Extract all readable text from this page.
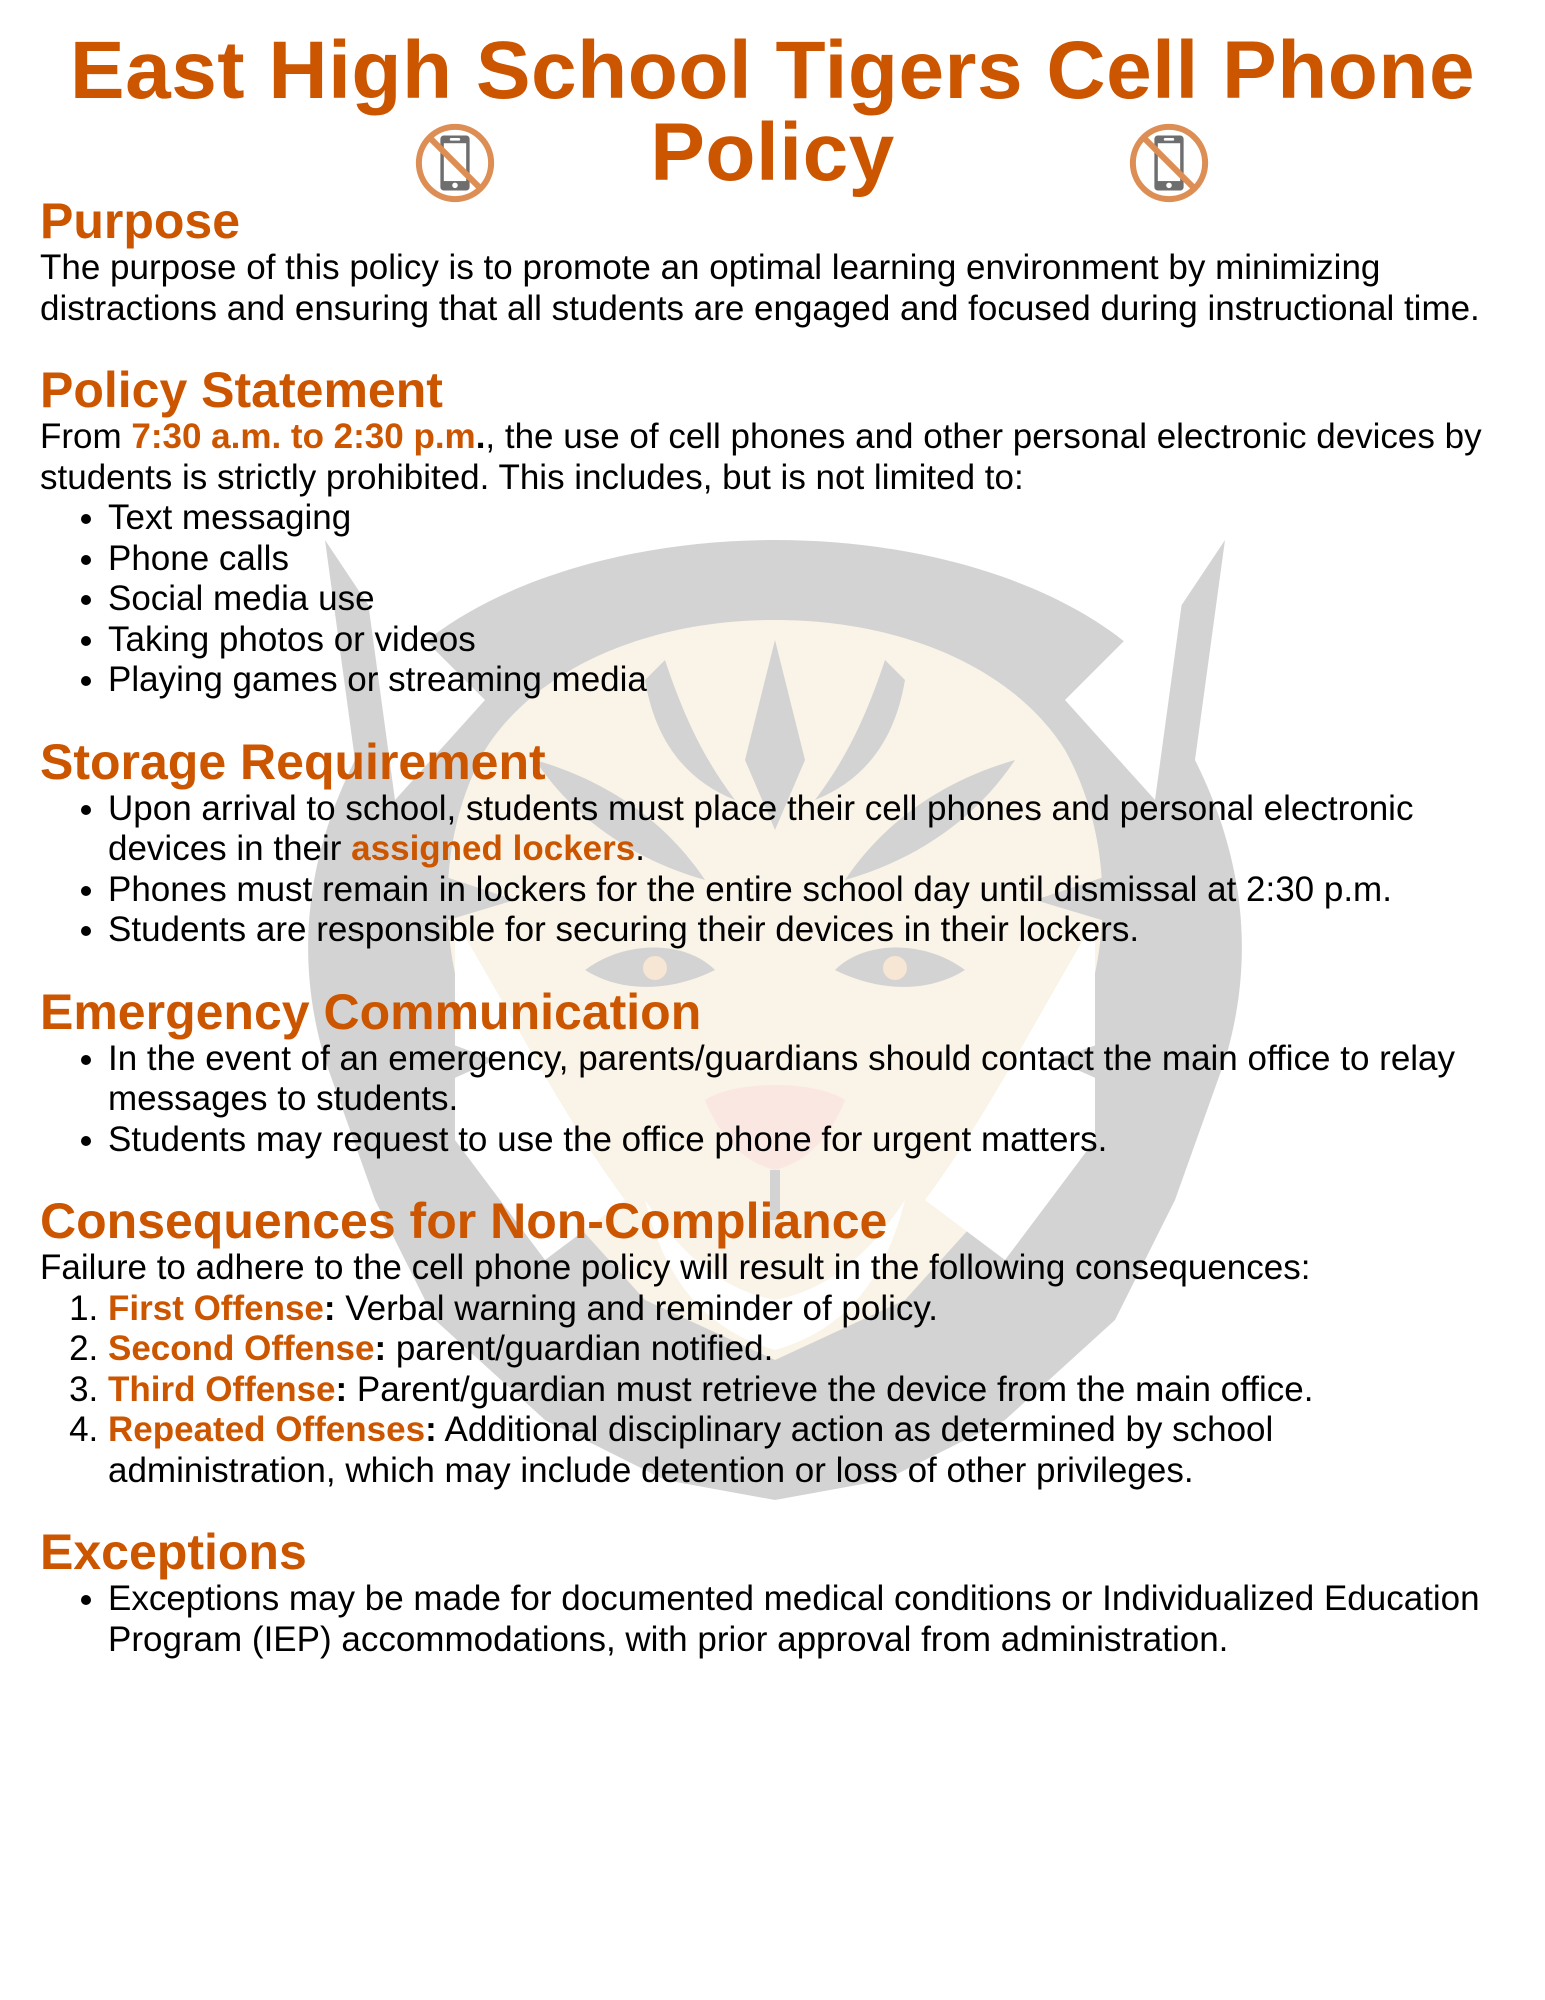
East High School Tigers Cell Phone
Policy
Purpose

The purpose of this policy is to promote an optimal learning environment by minimizing distractions and ensuring that all students are engaged and focused during instructional time.

Policy Statement

From 7:30 a.m. to 2:30 p.m., the use of cell phones and other personal electronic devices by students is strictly prohibited. This includes, but is not limited to:

• Text messaging
• Phone calls
• Social media use
• Taking photos or videos
• Playing games or streaming media
Storage Requirement
• Upon arrival to school, students must place their cell phones and personal electronic devices in their assigned lockers.
• Phones must remain in lockers for the entire school day until dismissal at 2:30 p.m.
• Students are responsible for securing their devices in their lockers.
Emergency Communication
• In the event of an emergency, parents/guardians should contact the main office to relay messages to students.
• Students may request to use the office phone for urgent matters.
Consequences for Non-Compliance

Failure to adhere to the cell phone policy will result in the following consequences:

1. First Offense: Verbal warning and reminder of policy.
2. Second Offense: parent/guardian notified.
3. Third Offense: Parent/guardian must retrieve the device from the main office.
4. Repeated Offenses: Additional disciplinary action as determined by school administration, which may include detention or loss of other privileges.
Exceptions
• Exceptions may be made for documented medical conditions or Individualized Education Program (IEP) accommodations, with prior approval from administration.
